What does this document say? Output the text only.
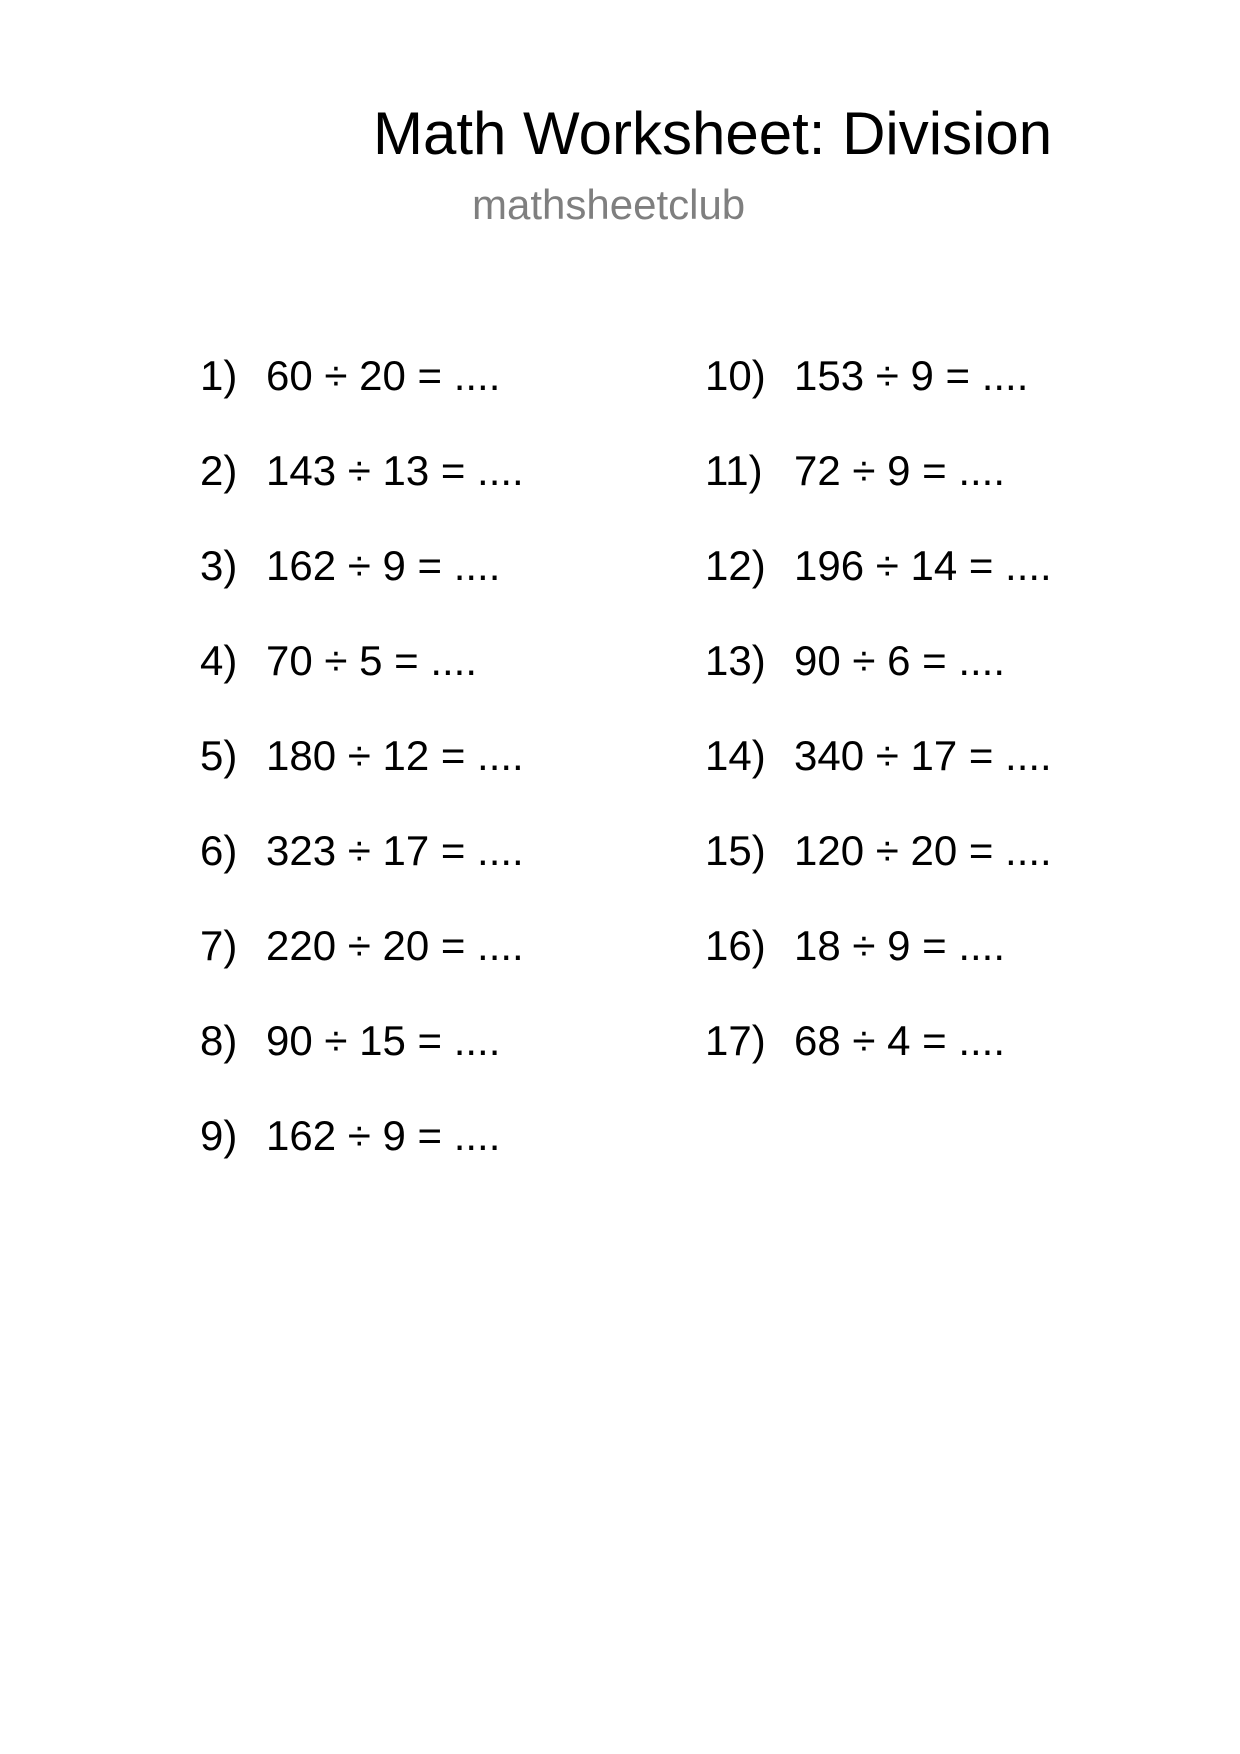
Math Worksheet: Division
mathsheetclub
1) 60 ÷ 20 = ....
2) 143 ÷ 13 = ....
3) 162 ÷ 9 = ....
4) 70 ÷ 5 = ....
5) 180 ÷ 12 = ....
6) 323 ÷ 17 = ....
7) 220 ÷ 20 = ....
8) 90 ÷ 15 = ....
9) 162 ÷ 9 = ....
10) 153 ÷ 9 = ....
11) 72 ÷ 9 = ....
12) 196 ÷ 14 = ....
13) 90 ÷ 6 = ....
14) 340 ÷ 17 = ....
15) 120 ÷ 20 = ....
16) 18 ÷ 9 = ....
17) 68 ÷ 4 = ....
